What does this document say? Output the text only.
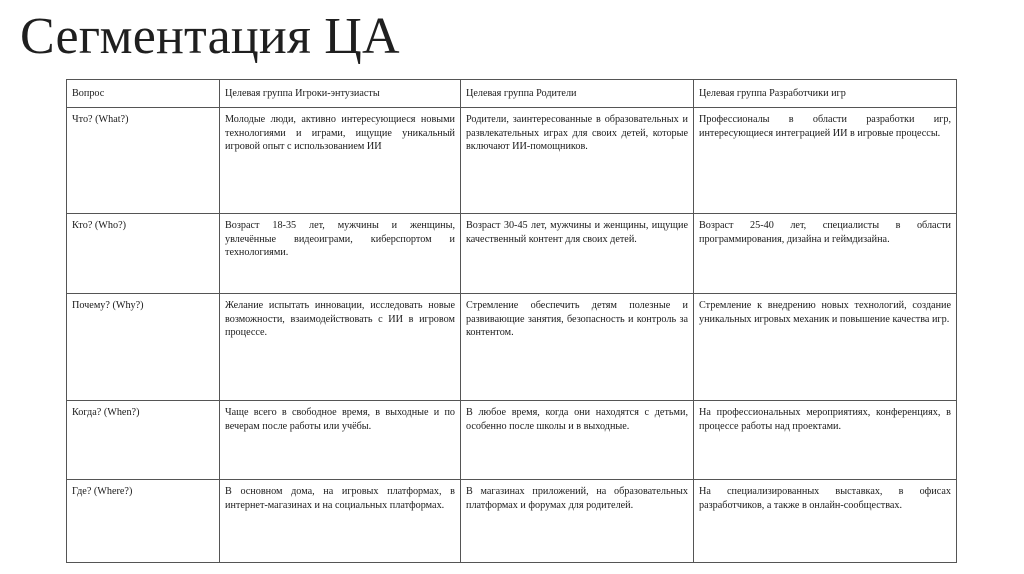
Сегментация ЦА
Вопрос	Целевая группа Игроки-энтузиасты	Целевая группа Родители	Целевая группа Разработчики игр
Что? (What?)	Молодые люди, активно интересующиеся новыми технологиями и играми, ищущие уникальный игровой опыт с использованием ИИ	Родители, заинтересованные в образовательных и развлекательных играх для своих детей, которые включают ИИ-помощников.	Профессионалы в области разработки игр, интересующиеся интеграцией ИИ в игровые процессы.
Кто? (Who?)	Возраст 18-35 лет, мужчины и женщины, увлечённые видеоиграми, киберспортом и технологиями.	Возраст 30-45 лет, мужчины и женщины, ищущие качественный контент для своих детей.	Возраст 25-40 лет, специалисты в области программирования, дизайна и геймдизайна.
Почему? (Why?)	Желание испытать инновации, исследовать новые возможности, взаимодействовать с ИИ в игровом процессе.	Стремление обеспечить детям полезные и развивающие занятия, безопасность и контроль за контентом.	Стремление к внедрению новых технологий, создание уникальных игровых механик и повышение качества игр.
Когда? (When?)	Чаще всего в свободное время, в выходные и по вечерам после работы или учёбы.	В любое время, когда они находятся с детьми, особенно после школы и в выходные.	На профессиональных мероприятиях, конференциях, в процессе работы над проектами.
Где? (Where?)	В основном дома, на игровых платформах, в интернет-магазинах и на социальных платформах.	В магазинах приложений, на образовательных платформах и форумах для родителей.	На специализированных выставках, в офисах разработчиков, а также в онлайн-сообществах.
